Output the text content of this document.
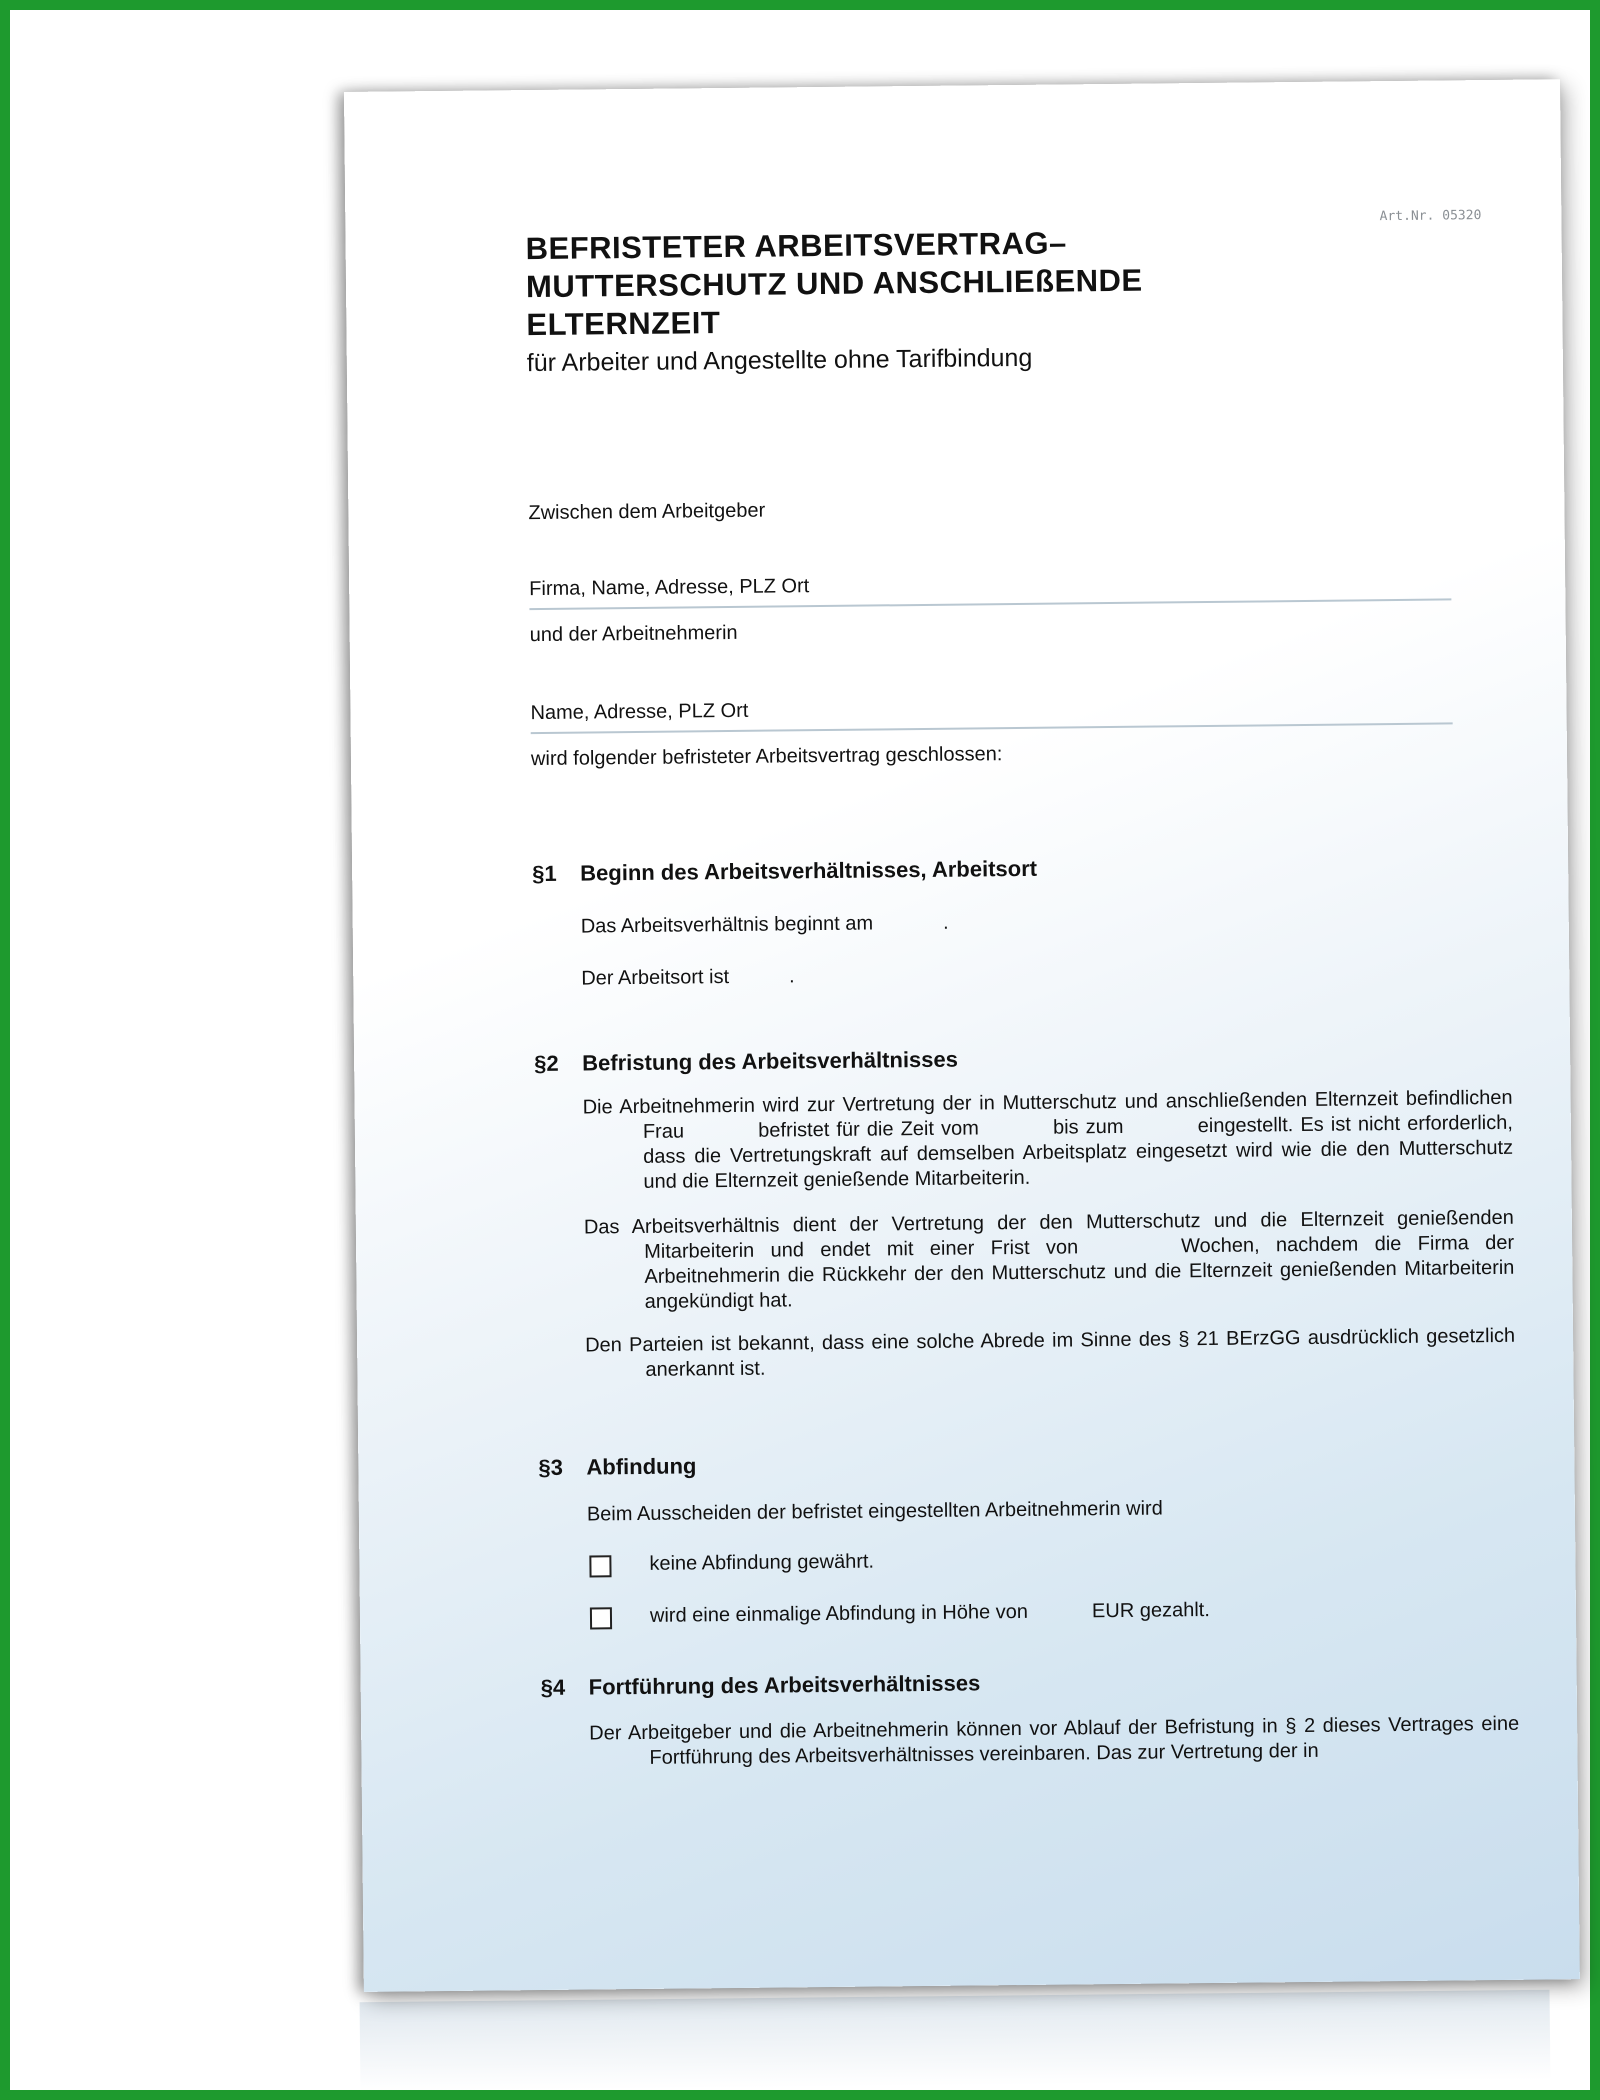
Art.Nr. 05320
BEFRISTETER ARBEITSVERTRAG–
MUTTERSCHUTZ UND ANSCHLIEßENDE
ELTERNZEIT
für Arbeiter und Angestellte ohne Tarifbindung
Zwischen dem Arbeitgeber
Firma, Name, Adresse, PLZ Ort
und der Arbeitnehmerin
Name, Adresse, PLZ Ort
wird folgender befristeter Arbeitsvertrag geschlossen:
§1 Beginn des Arbeitsverhältnisses, Arbeitsort
Das Arbeitsverhältnis beginnt am	.
Der Arbeitsort ist	.
§2 Befristung des Arbeitsverhältnisses
Die Arbeitnehmerin wird zur Vertretung der in Mutterschutz und anschließenden Elternzeit befindlichen Frau	befristet für die Zeit vom	bis zum	eingestellt. Es ist nicht erforderlich, dass die Vertretungskraft auf demselben Arbeitsplatz eingesetzt wird wie die den Mutterschutz und die Elternzeit genießende Mitarbeiterin.
Das Arbeitsverhältnis dient der Vertretung der den Mutterschutz und die Elternzeit genießenden Mitarbeiterin und endet mit einer Frist von	Wochen, nachdem die Firma der Arbeitnehmerin die Rückkehr der den Mutterschutz und die Elternzeit genießenden Mitarbeiterin angekündigt hat.
Den Parteien ist bekannt, dass eine solche Abrede im Sinne des § 21 BErzGG ausdrücklich gesetzlich anerkannt ist.
§3 Abfindung
Beim Ausscheiden der befristet eingestellten Arbeitnehmerin wird
keine Abfindung gewährt.
wird eine einmalige Abfindung in Höhe von	EUR gezahlt.
§4 Fortführung des Arbeitsverhältnisses
Der Arbeitgeber und die Arbeitnehmerin können vor Ablauf der Befristung in § 2 dieses Vertrages eine Fortführung des Arbeitsverhältnisses vereinbaren. Das zur Vertretung der in
